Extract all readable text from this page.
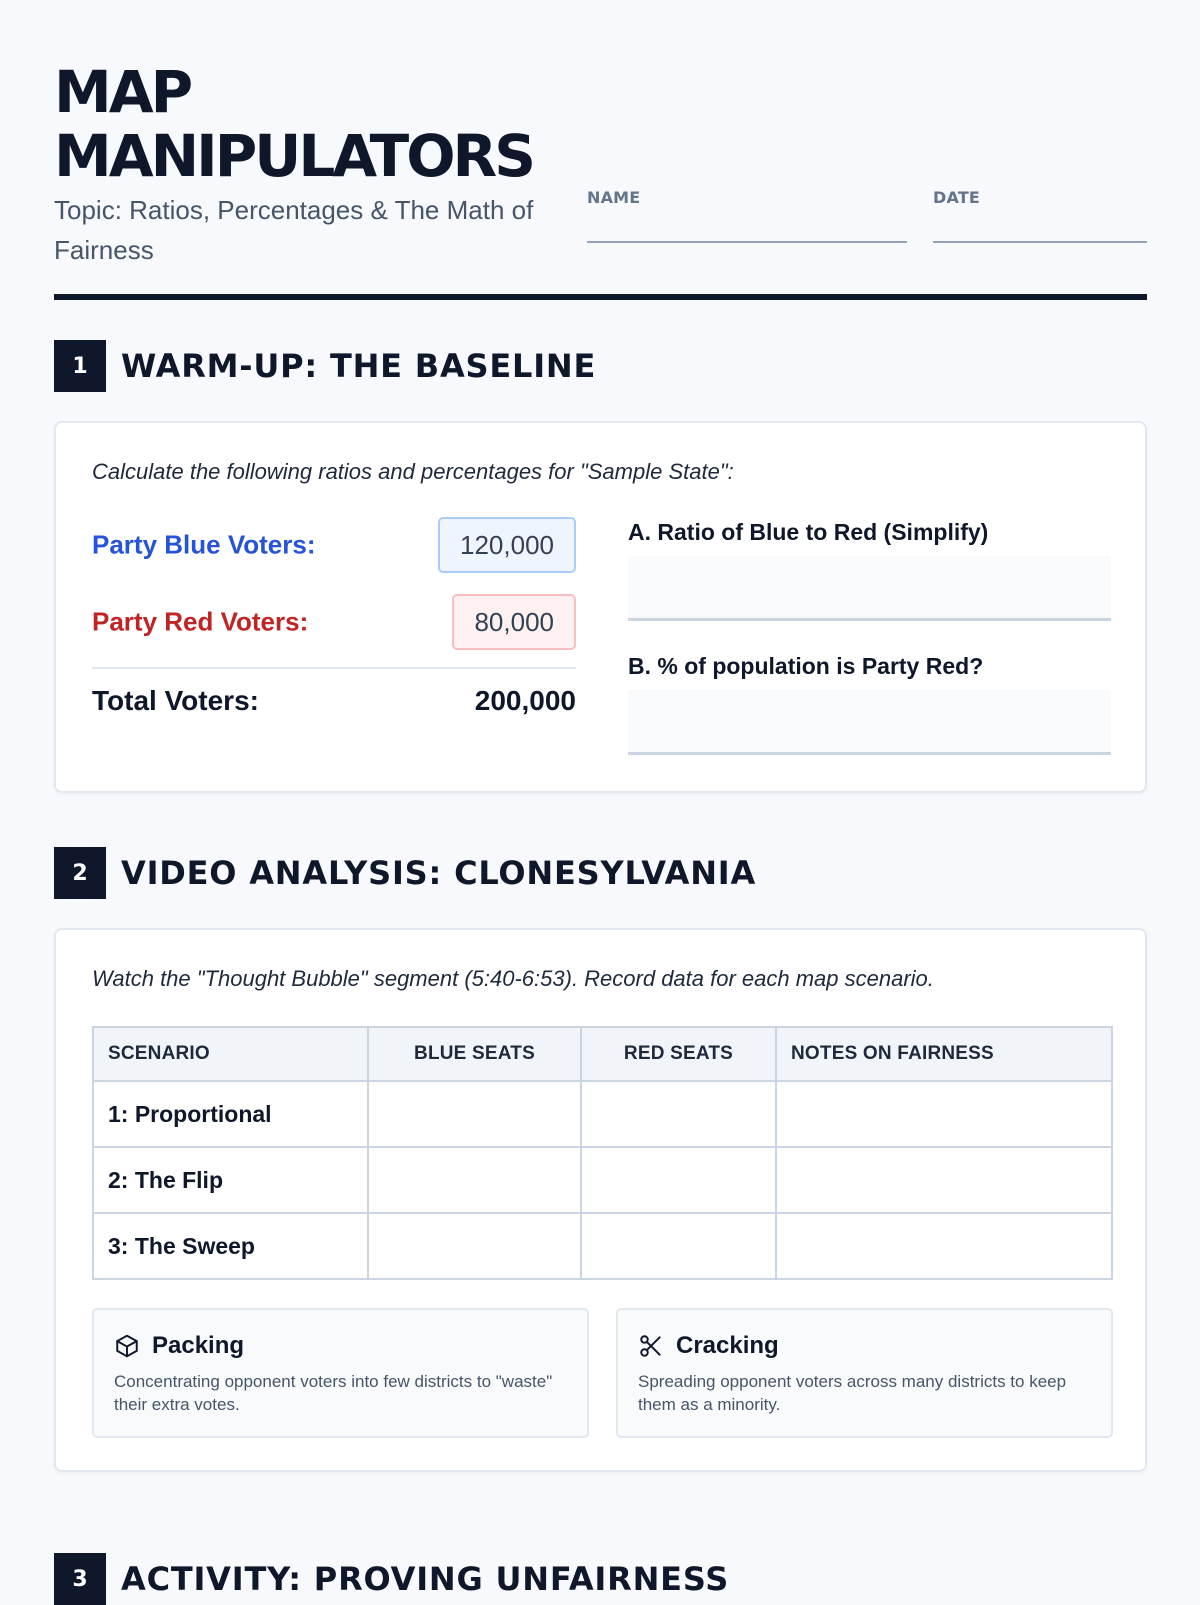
MAP
MANIPULATORS
Topic: Ratios, Percentages & The Math of Fairness
NAME	DATE
1	WARM-UP: THE BASELINE
Calculate the following ratios and percentages for "Sample State":
Party Blue Voters:	120,000
Party Red Voters:	80,000
Total Voters:	200,000
A. Ratio of Blue to Red (Simplify)
B. % of population is Party Red?
2	VIDEO ANALYSIS: CLONESYLVANIA
Watch the "Thought Bubble" segment (5:40-6:53). Record data for each map scenario.
SCENARIO	BLUE SEATS	RED SEATS	NOTES ON FAIRNESS
1: Proportional			
2: The Flip			
3: The Sweep			
Packing
Concentrating opponent voters into few districts to "waste" their extra votes.
Cracking
Spreading opponent voters across many districts to keep them as a minority.
3	ACTIVITY: PROVING UNFAIRNESS
